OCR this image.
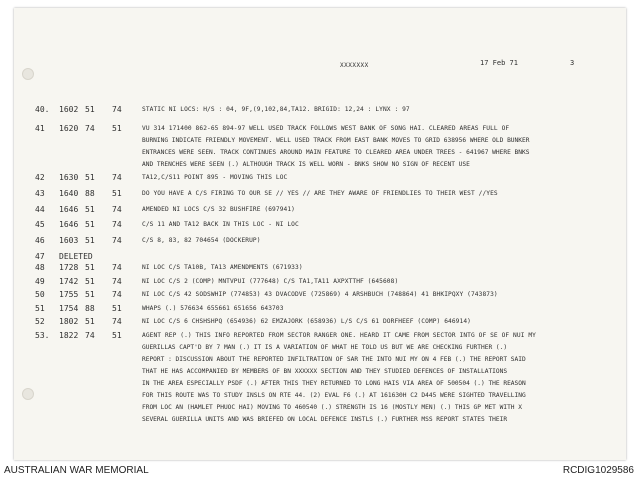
XXXXXXX	17 Feb 71	3
40. 1602 51 74	STATIC NI LOCS: H/S : 04, 9F,(9,102,84,TA12. BRIGID: 12,24 : LYNX : 97
41 1620 74 51	VU 314 171400 862-65 894-97 WELL USED TRACK FOLLOWS WEST BANK OF SONG HAI. CLEARED AREAS FULL OF
BURNING INDICATE FRIENDLY MOVEMENT. WELL USED TRACK FROM EAST BANK MOVES TO GRID 638956 WHERE OLD BUNKER
ENTRANCES WERE SEEN. TRACK CONTINUES AROUND MAIN FEATURE TO CLEARED AREA UNDER TREES - 641967 WHERE BNKS
AND TRENCHES WERE SEEN (.) ALTHOUGH TRACK IS WELL WORN - BNKS SHOW NO SIGN OF RECENT USE
42 1630 51 74	TA12,C/S11 POINT 895 - MOVING THIS LOC
43 1640 88 51	DO YOU HAVE A C/S FIRING TO OUR SE // YES // ARE THEY AWARE OF FRIENDLIES TO THEIR WEST //YES
44 1646 51 74	AMENDED NI LOCS C/S 32 BUSHFIRE (697941)
45 1646 51 74	C/S 11 AND TA12 BACK IN THIS LOC - NI LOC
46 1603 51 74	C/S 8, 83, 82 704654 (DOCKERUP)
47 DELETED
48 1728 51 74	NI LOC C/S TA10B, TA13 AMENDMENTS (671933)
49 1742 51 74	NI LOC C/S 2 (COMP) MNTVPUI (777648) C/S TA1,TA11 AXPXTTHF (645608)
50 1755 51 74	NI LOC C/S 42 SODSWHIP (774853) 43 DVACODVE (725869) 4 ARSHBUCH (748864) 41 BHKIPQXY (743873)
51 1754 88 51	WHAPS (.) 576634 655661 651656 643703
52 1802 51 74	NI LOC C/S 6 CHSHSHPQ (654936) 62 EMZAJORK (658936) L/S C/S 61 DORFHEEF (COMP) 646914)
53. 1822 74 51	AGENT REP (.) THIS INFO REPORTED FROM SECTOR RANGER ONE. HEARD IT CAME FROM SECTOR INTG OF SE OF NUI MY
GUERILLAS CAPT'D BY 7 MAN (.) IT IS A VARIATION OF WHAT HE TOLD US BUT WE ARE CHECKING FURTHER (.)
REPORT : DISCUSSION ABOUT THE REPORTED INFILTRATION OF SAR THE INTO NUI MY ON 4 FEB (.) THE REPORT SAID
THAT HE HAS ACCOMPANIED BY MEMBERS OF BN XXXXXX SECTION AND THEY STUDIED DEFENCES OF INSTALLATIONS
IN THE AREA ESPECIALLY PSDF (.) AFTER THIS THEY RETURNED TO LONG HAIS VIA AREA OF 500504 (.) THE REASON
FOR THIS ROUTE WAS TO STUDY INSLS ON RTE 44. (2) EVAL F6 (.) AT 161630H C2 D445 WERE SIGHTED TRAVELLING
FROM LOC AN (HAMLET PHUOC HAI) MOVING TO 460540 (.) STRENGTH IS 16 (MOSTLY MEN) (.) THIS GP MET WITH X
SEVERAL GUERILLA UNITS AND WAS BRIEFED ON LOCAL DEFENCE INSTLS (.) FURTHER MSS REPORT STATES THEIR
AUSTRALIAN WAR MEMORIAL	RCDIG1029586
